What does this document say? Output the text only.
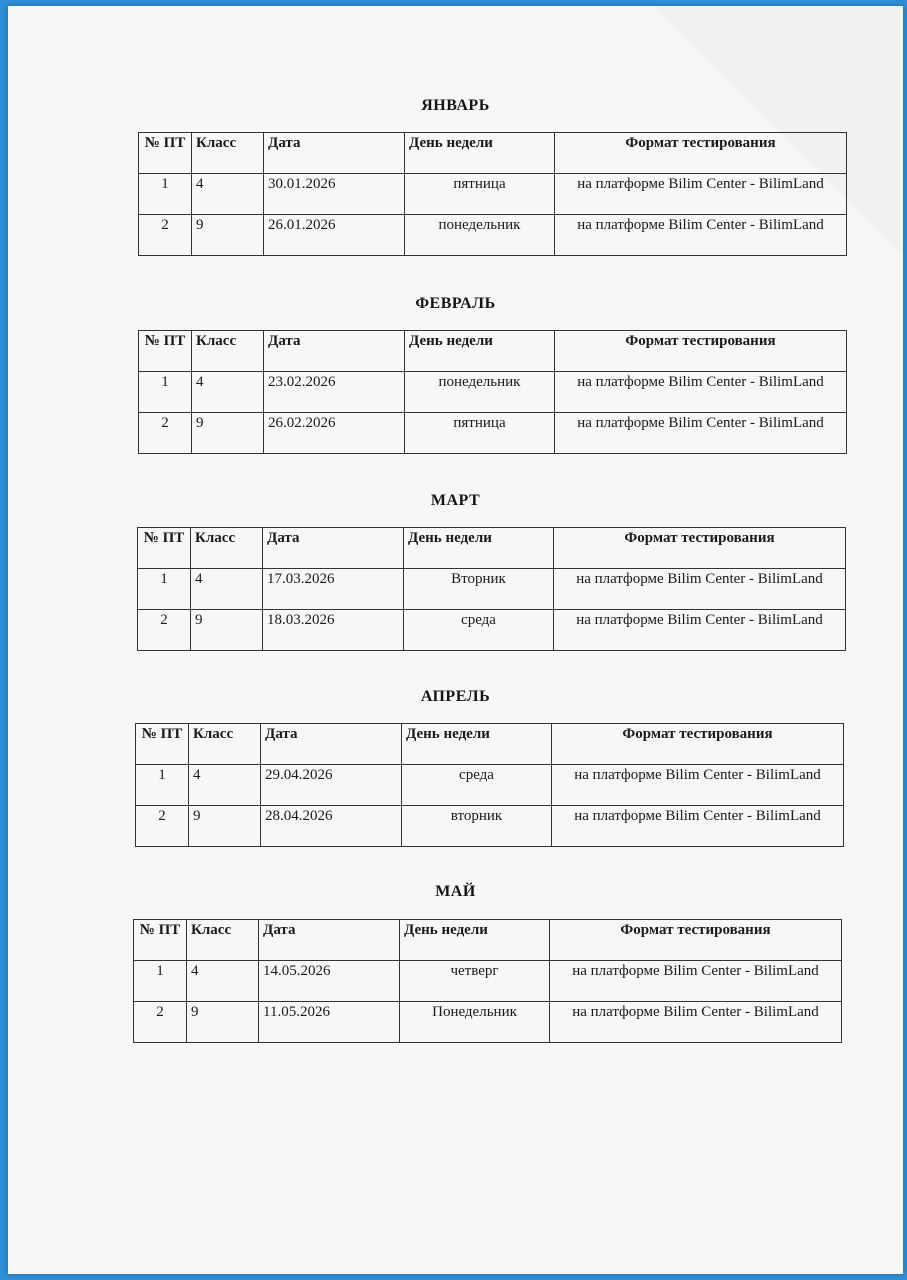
ЯНВАРЬ
№ ПТ	Класс	Дата	День недели	Формат тестирования
1	4	30.01.2026	пятница	на платформе Bilim Center - BilimLand
2	9	26.01.2026	понедельник	на платформе Bilim Center - BilimLand
ФЕВРАЛЬ
№ ПТ	Класс	Дата	День недели	Формат тестирования
1	4	23.02.2026	понедельник	на платформе Bilim Center - BilimLand
2	9	26.02.2026	пятница	на платформе Bilim Center - BilimLand
МАРТ
№ ПТ	Класс	Дата	День недели	Формат тестирования
1	4	17.03.2026	Вторник	на платформе Bilim Center - BilimLand
2	9	18.03.2026	среда	на платформе Bilim Center - BilimLand
АПРЕЛЬ
№ ПТ	Класс	Дата	День недели	Формат тестирования
1	4	29.04.2026	среда	на платформе Bilim Center - BilimLand
2	9	28.04.2026	вторник	на платформе Bilim Center - BilimLand
МАЙ
№ ПТ	Класс	Дата	День недели	Формат тестирования
1	4	14.05.2026	четверг	на платформе Bilim Center - BilimLand
2	9	11.05.2026	Понедельник	на платформе Bilim Center - BilimLand
